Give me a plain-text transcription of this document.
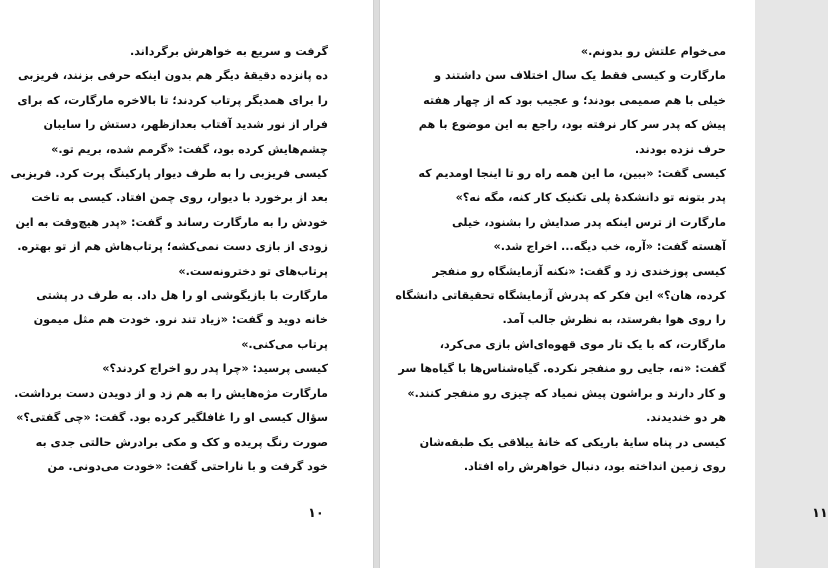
گرفت و سریع به خواهرش برگرداند.
ده پانزده دقیقهٔ دیگر هم بدون اینکه حرفی بزنند، فریزبی
را برای همدیگر پرتاب کردند؛ تا بالاخره مارگارت، که برای
فرار از نور شدید آفتاب بعدازظهر، دستش را سایبان
چشم‌هایش کرده بود، گفت: «گرمم شده، بریم تو.»
کیسی فریزبی را به طرف دیوار پارکینگ پرت کرد. فریزبی
بعد از برخورد با دیوار، روی چمن افتاد. کیسی به تاخت
خودش را به مارگارت رساند و گفت: «پدر هیچ‌وقت به این
زودی از بازی دست نمی‌کشه؛ پرتاب‌هاش هم از تو بهتره.
پرتاب‌های تو دخترونه‌ست.»
مارگارت با بازیگوشی او را هل داد. به طرف در پشتی
خانه دوید و گفت: «زیاد تند نرو. خودت هم مثل میمون
پرتاب می‌کنی.»
کیسی پرسید: «چرا پدر رو اخراج کردند؟»
مارگارت مژه‌هایش را به هم زد و از دویدن دست برداشت.
سؤال کیسی او را غافلگیر کرده بود. گفت: «چی گفتی؟»
صورت رنگ پریده و کک و مکی برادرش حالتی جدی به
خود گرفت و با ناراحتی گفت: «خودت می‌دونی. من
۱۰
می‌خوام علتش رو بدونم.»
مارگارت و کیسی فقط یک سال اختلاف سن داشتند و
خیلی با هم صمیمی بودند؛ و عجیب بود که از چهار هفته
پیش که پدر سر کار نرفته بود، راجع به این موضوع با هم
حرف نزده بودند.
کیسی گفت: «ببین، ما این همه راه رو تا اینجا اومدیم که
پدر بتونه تو دانشکدهٔ پلی تکنیک کار کنه، مگه نه؟»
مارگارت از ترس اینکه پدر صدایش را بشنود، خیلی
آهسته گفت: «آره، خب دیگه... اخراج شد.»
کیسی پوزخندی زد و گفت: «نکنه آزمایشگاه رو منفجر
کرده، هان؟» این فکر که پدرش آزمایشگاه تحقیقاتی دانشگاه
را روی هوا بفرستد، به نظرش جالب آمد.
مارگارت، که با یک تار موی قهوه‌ای‌اش بازی می‌کرد،
گفت: «نه، جایی رو منفجر نکرده. گیاه‌شناس‌ها با گیاه‌ها سر
و کار دارند و براشون پیش نمیاد که چیزی رو منفجر کنند.»
هر دو خندیدند.
کیسی در پناه سایهٔ باریکی که خانهٔ ییلاقی یک طبقه‌شان
روی زمین انداخته بود، دنبال خواهرش راه افتاد.
۱۱
